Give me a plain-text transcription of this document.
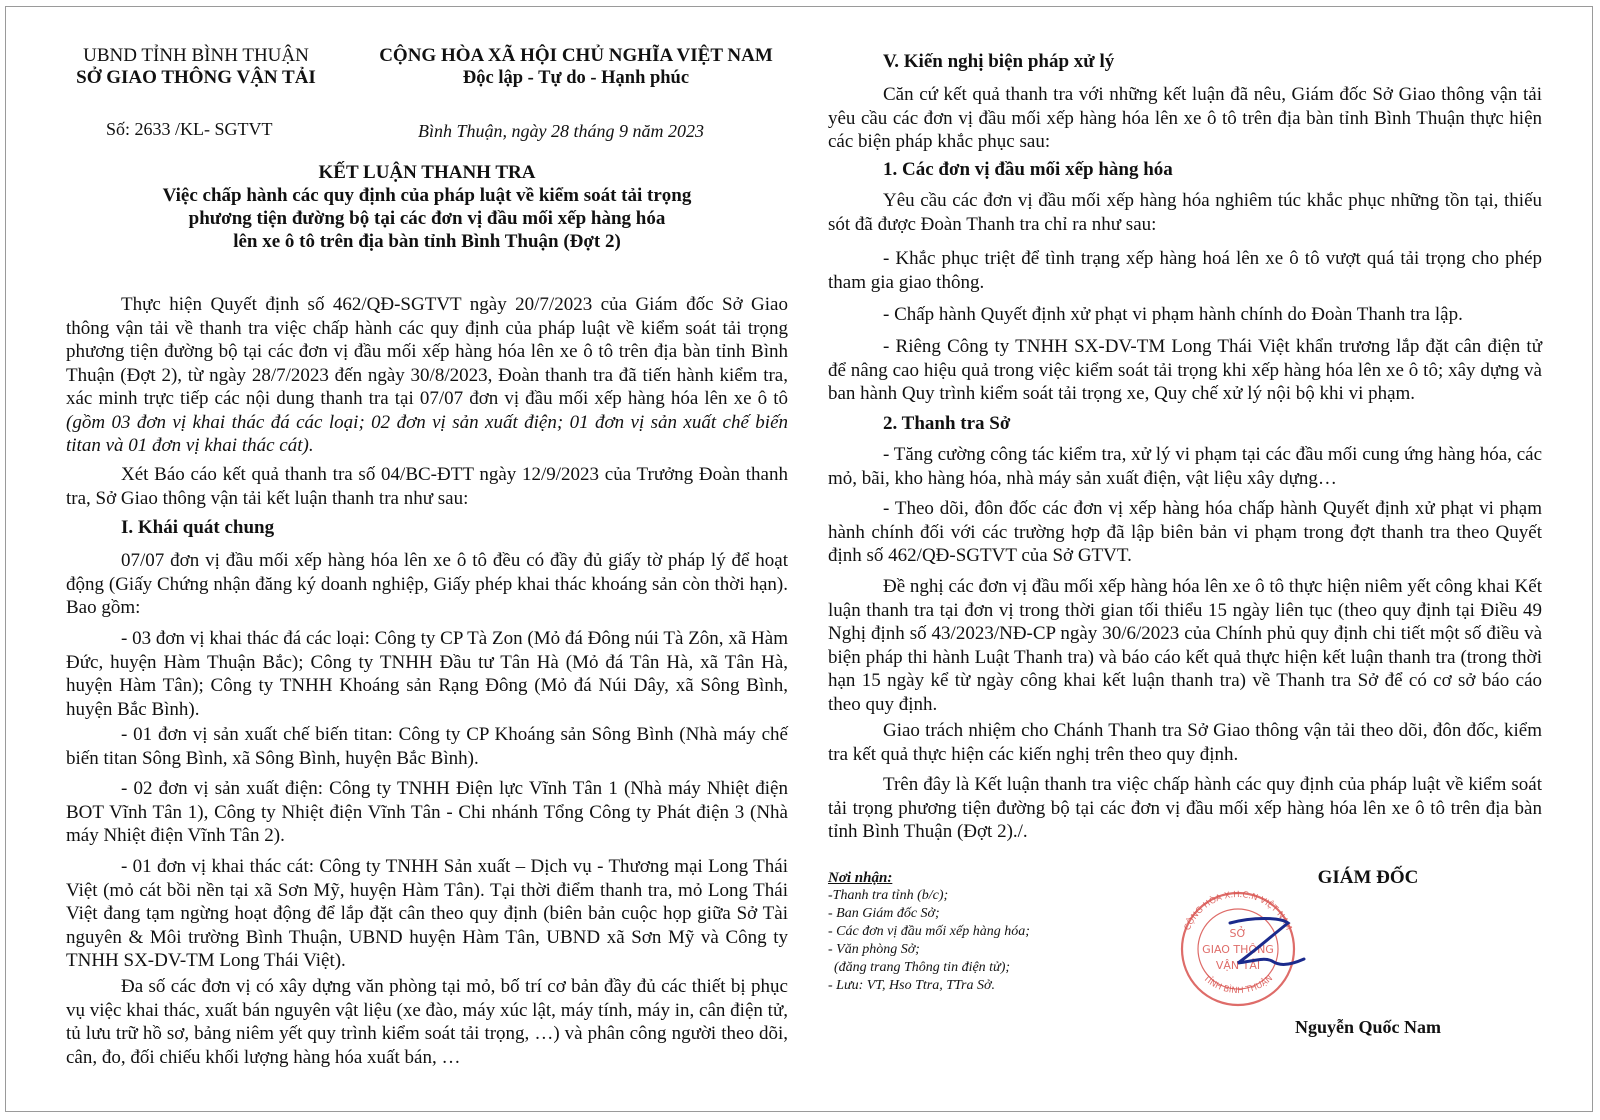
UBND TỈNH BÌNH THUẬN
SỞ GIAO THÔNG VẬN TẢI
CỘNG HÒA XÃ HỘI CHỦ NGHĨA VIỆT NAM
Độc lập - Tự do - Hạnh phúc
Số: 2633 /KL- SGTVT	Bình Thuận, ngày 28 tháng 9 năm 2023
KẾT LUẬN THANH TRA
Việc chấp hành các quy định của pháp luật về kiểm soát tải trọng
phương tiện đường bộ tại các đơn vị đầu mối xếp hàng hóa
lên xe ô tô trên địa bàn tỉnh Bình Thuận (Đợt 2)

Thực hiện Quyết định số 462/QĐ-SGTVT ngày 20/7/2023 của Giám đốc Sở Giao thông vận tải về thanh tra việc chấp hành các quy định của pháp luật về kiểm soát tải trọng phương tiện đường bộ tại các đơn vị đầu mối xếp hàng hóa lên xe ô tô trên địa bàn tỉnh Bình Thuận (Đợt 2), từ ngày 28/7/2023 đến ngày 30/8/2023, Đoàn thanh tra đã tiến hành kiểm tra, xác minh trực tiếp các nội dung thanh tra tại 07/07 đơn vị đầu mối xếp hàng hóa lên xe ô tô (gồm 03 đơn vị khai thác đá các loại; 02 đơn vị sản xuất điện; 01 đơn vị sản xuất chế biến titan và 01 đơn vị khai thác cát).

Xét Báo cáo kết quả thanh tra số 04/BC-ĐTT ngày 12/9/2023 của Trưởng Đoàn thanh tra, Sở Giao thông vận tải kết luận thanh tra như sau:

I. Khái quát chung

07/07 đơn vị đầu mối xếp hàng hóa lên xe ô tô đều có đầy đủ giấy tờ pháp lý để hoạt động (Giấy Chứng nhận đăng ký doanh nghiệp, Giấy phép khai thác khoáng sản còn thời hạn). Bao gồm:

- 03 đơn vị khai thác đá các loại: Công ty CP Tà Zon (Mỏ đá Đông núi Tà Zôn, xã Hàm Đức, huyện Hàm Thuận Bắc); Công ty TNHH Đầu tư Tân Hà (Mỏ đá Tân Hà, xã Tân Hà, huyện Hàm Tân); Công ty TNHH Khoáng sản Rạng Đông (Mỏ đá Núi Dây, xã Sông Bình, huyện Bắc Bình).

- 01 đơn vị sản xuất chế biến titan: Công ty CP Khoáng sản Sông Bình (Nhà máy chế biến titan Sông Bình, xã Sông Bình, huyện Bắc Bình).

- 02 đơn vị sản xuất điện: Công ty TNHH Điện lực Vĩnh Tân 1 (Nhà máy Nhiệt điện BOT Vĩnh Tân 1), Công ty Nhiệt điện Vĩnh Tân - Chi nhánh Tổng Công ty Phát điện 3 (Nhà máy Nhiệt điện Vĩnh Tân 2).

- 01 đơn vị khai thác cát: Công ty TNHH Sản xuất – Dịch vụ - Thương mại Long Thái Việt (mỏ cát bồi nền tại xã Sơn Mỹ, huyện Hàm Tân). Tại thời điểm thanh tra, mỏ Long Thái Việt đang tạm ngừng hoạt động để lắp đặt cân theo quy định (biên bản cuộc họp giữa Sở Tài nguyên & Môi trường Bình Thuận, UBND huyện Hàm Tân, UBND xã Sơn Mỹ và Công ty TNHH SX-DV-TM Long Thái Việt).

Đa số các đơn vị có xây dựng văn phòng tại mỏ, bố trí cơ bản đầy đủ các thiết bị phục vụ việc khai thác, xuất bán nguyên vật liệu (xe đào, máy xúc lật, máy tính, máy in, cân điện tử, tủ lưu trữ hồ sơ, bảng niêm yết quy trình kiểm soát tải trọng, …) và phân công người theo dõi, cân, đo, đối chiếu khối lượng hàng hóa xuất bán, …

V. Kiến nghị biện pháp xử lý

Căn cứ kết quả thanh tra với những kết luận đã nêu, Giám đốc Sở Giao thông vận tải yêu cầu các đơn vị đầu mối xếp hàng hóa lên xe ô tô trên địa bàn tỉnh Bình Thuận thực hiện các biện pháp khắc phục sau:

1. Các đơn vị đầu mối xếp hàng hóa

Yêu cầu các đơn vị đầu mối xếp hàng hóa nghiêm túc khắc phục những tồn tại, thiếu sót đã được Đoàn Thanh tra chỉ ra như sau:

- Khắc phục triệt để tình trạng xếp hàng hoá lên xe ô tô vượt quá tải trọng cho phép tham gia giao thông.

- Chấp hành Quyết định xử phạt vi phạm hành chính do Đoàn Thanh tra lập.

- Riêng Công ty TNHH SX-DV-TM Long Thái Việt khẩn trương lắp đặt cân điện tử để nâng cao hiệu quả trong việc kiểm soát tải trọng khi xếp hàng hóa lên xe ô tô; xây dựng và ban hành Quy trình kiểm soát tải trọng xe, Quy chế xử lý nội bộ khi vi phạm.

2. Thanh tra Sở

- Tăng cường công tác kiểm tra, xử lý vi phạm tại các đầu mối cung ứng hàng hóa, các mỏ, bãi, kho hàng hóa, nhà máy sản xuất điện, vật liệu xây dựng…

- Theo dõi, đôn đốc các đơn vị xếp hàng hóa chấp hành Quyết định xử phạt vi phạm hành chính đối với các trường hợp đã lập biên bản vi phạm trong đợt thanh tra theo Quyết định số 462/QĐ-SGTVT của Sở GTVT.

Đề nghị các đơn vị đầu mối xếp hàng hóa lên xe ô tô thực hiện niêm yết công khai Kết luận thanh tra tại đơn vị trong thời gian tối thiểu 15 ngày liên tục (theo quy định tại Điều 49 Nghị định số 43/2023/NĐ-CP ngày 30/6/2023 của Chính phủ quy định chi tiết một số điều và biện pháp thi hành Luật Thanh tra) và báo cáo kết quả thực hiện kết luận thanh tra (trong thời hạn 15 ngày kể từ ngày công khai kết luận thanh tra) về Thanh tra Sở để có cơ sở báo cáo theo quy định.

Giao trách nhiệm cho Chánh Thanh tra Sở Giao thông vận tải theo dõi, đôn đốc, kiểm tra kết quả thực hiện các kiến nghị trên theo quy định.

Trên đây là Kết luận thanh tra việc chấp hành các quy định của pháp luật về kiểm soát tải trọng phương tiện đường bộ tại các đơn vị đầu mối xếp hàng hóa lên xe ô tô trên địa bàn tỉnh Bình Thuận (Đợt 2)./.

Nơi nhận:
-Thanh tra tỉnh (b/c);
- Ban Giám đốc Sở;
- Các đơn vị đầu mối xếp hàng hóa;
- Văn phòng Sở;
(đăng trang Thông tin điện tử);
- Lưu: VT, Hso Ttra, TTra Sở.
GIÁM ĐỐC
CỘNG HÒA X.H.C.N VIỆT NAM
TỈNH BÌNH THUẬN
SỞ
GIAO THÔNG
VẬN TẢI
Nguyễn Quốc Nam
